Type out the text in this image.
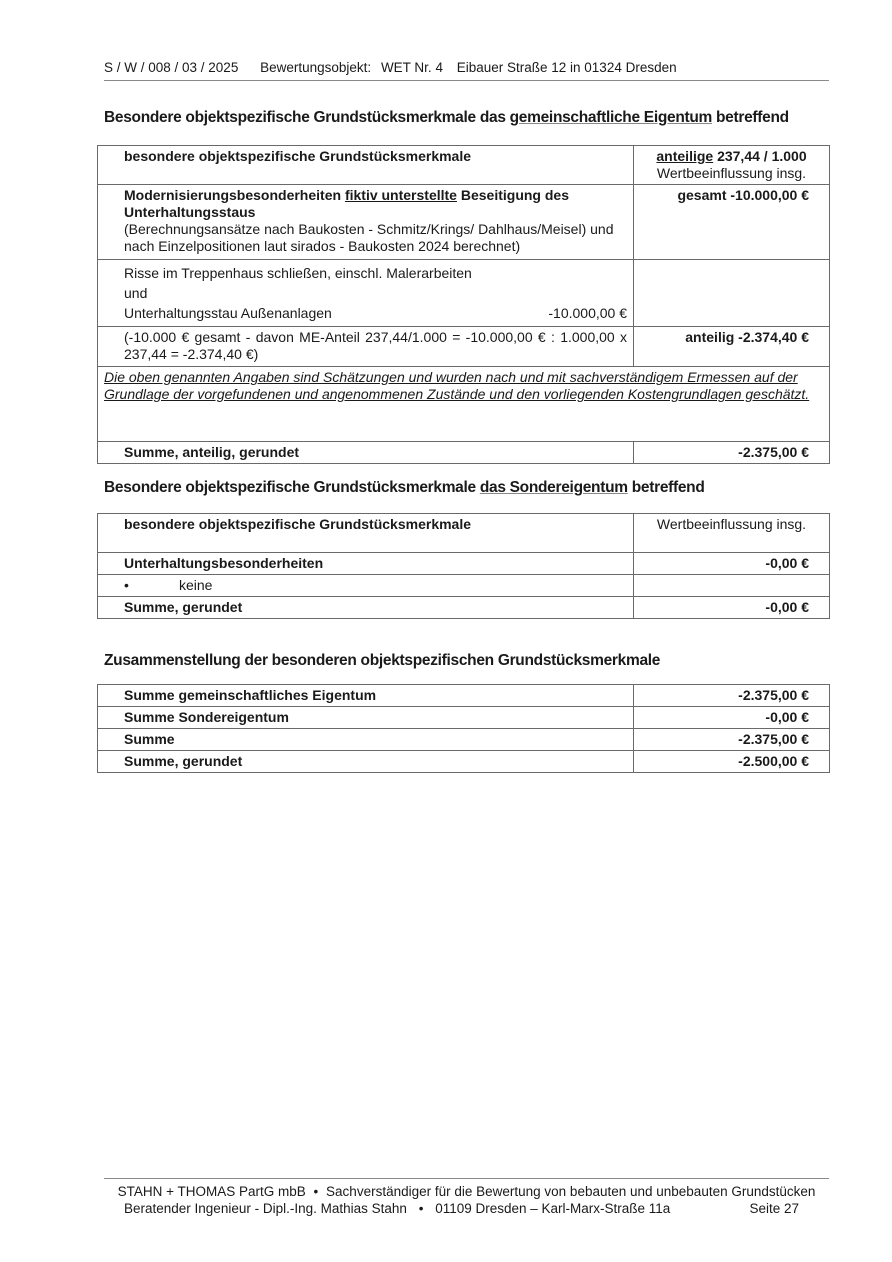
S / W / 008 / 03 / 2025 Bewertungsobjekt: WET Nr. 4 Eibauer Straße 12 in 01324 Dresden
Besondere objektspezifische Grundstücksmerkmale das gemeinschaftliche Eigentum betreffend
besondere objektspezifische Grundstücksmerkmale	anteilige 237,44 / 1.000
Wertbeeinflussung insg.

Modernisierungsbesonderheiten fiktiv unterstellte Beseitigung des Unterhaltungsstaus
(Berechnungsansätze nach Baukosten - Schmitz/Krings/ Dahlhaus/Meisel) und nach Einzelpositionen laut sirados - Baukosten 2024 berechnet)	gesamt -10.000,00 €

Risse im Treppenhaus schließen, einschl. Malerarbeiten
und
Unterhaltungsstau Außenanlagen -10.000,00 €	

(-10.000 € gesamt - davon ME-Anteil 237,44/1.000 = -10.000,00 € : 1.000,00 x 237,44 = -2.374,40 €)	anteilig -2.374,40 €
Die oben genannten Angaben sind Schätzungen und wurden nach und mit sachverständigem Ermessen auf der Grundlage der vorgefundenen und angenommenen Zustände und den vorliegenden Kostengrundlagen geschätzt.	
Summe, anteilig, gerundet	-2.375,00 €
Besondere objektspezifische Grundstücksmerkmale das Sondereigentum betreffend
besondere objektspezifische Grundstücksmerkmale	Wertbeeinflussung insg.
Unterhaltungsbesonderheiten	-0,00 €
• keine	
Summe, gerundet	-0,00 €
Zusammenstellung der besonderen objektspezifischen Grundstücksmerkmale
Summe gemeinschaftliches Eigentum	-2.375,00 €
Summe Sondereigentum	-0,00 €
Summe	-2.375,00 €
Summe, gerundet	-2.500,00 €
STAHN + THOMAS PartG mbB • Sachverständiger für die Bewertung von bebauten und unbebauten Grundstücken
Beratender Ingenieur - Dipl.-Ing. Mathias Stahn • 01109 Dresden – Karl-Marx-Straße 11a	Seite 27
